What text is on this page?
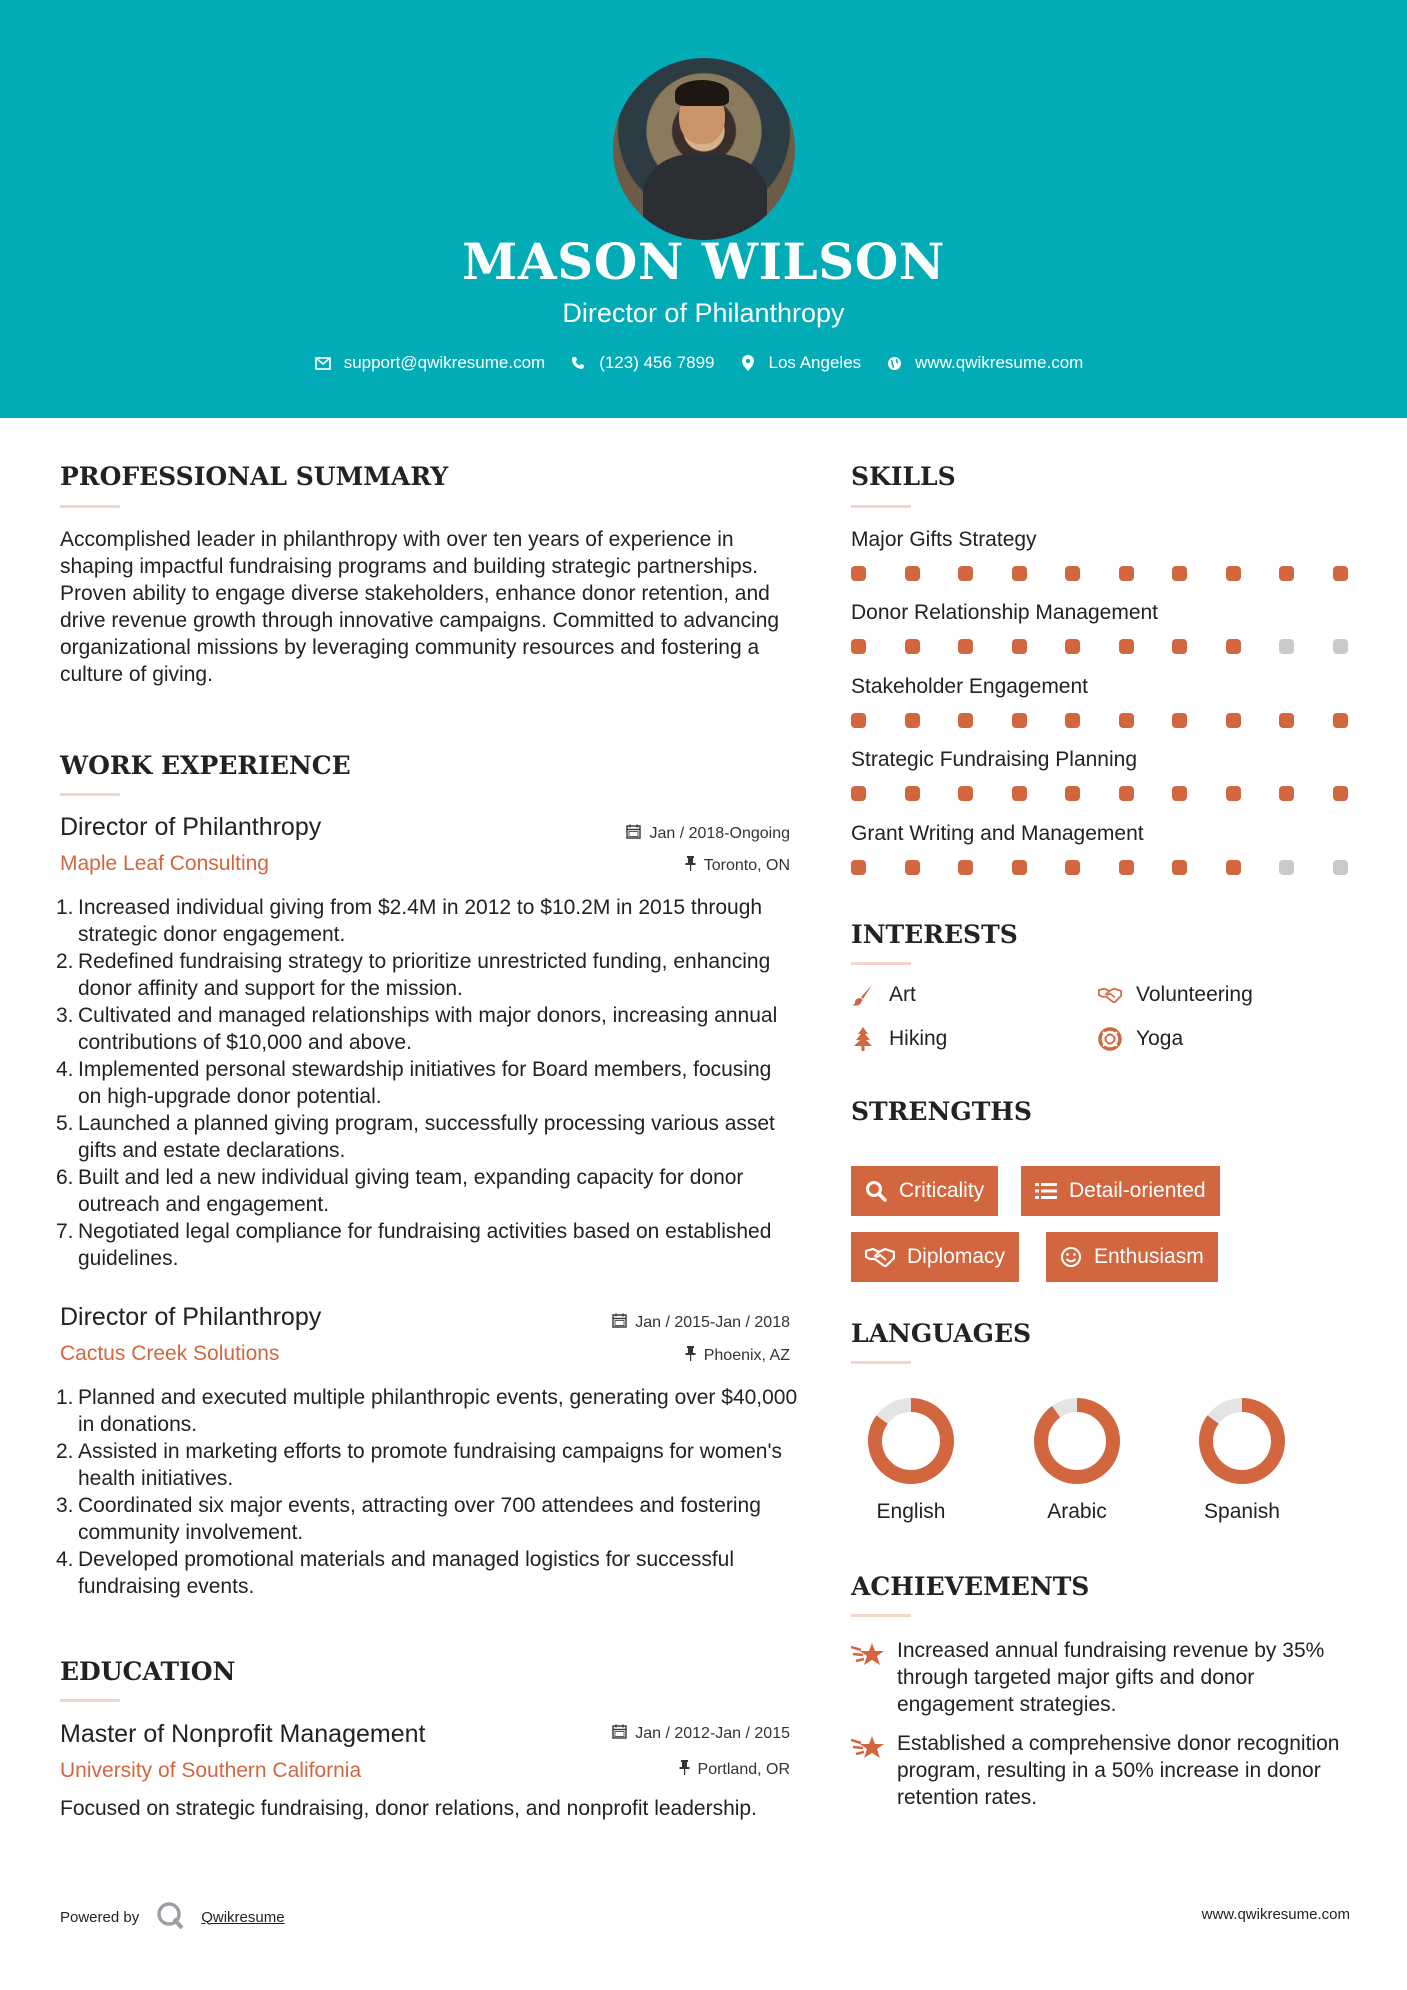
MASON WILSON
Director of Philanthropy
support@qwikresume.com	(123) 456 7899	Los Angeles	www.qwikresume.com
PROFESSIONAL SUMMARY
Accomplished leader in philanthropy with over ten years of experience in shaping impactful fundraising programs and building strategic partnerships. Proven ability to engage diverse stakeholders, enhance donor retention, and drive revenue growth through innovative campaigns. Committed to advancing organizational missions by leveraging community resources and fostering a culture of giving.
WORK EXPERIENCE
Director of Philanthropy	Jan / 2018-Ongoing
Maple Leaf Consulting	Toronto, ON
1. Increased individual giving from $2.4M in 2012 to $10.2M in 2015 through strategic donor engagement.
2. Redefined fundraising strategy to prioritize unrestricted funding, enhancing donor affinity and support for the mission.
3. Cultivated and managed relationships with major donors, increasing annual contributions of $10,000 and above.
4. Implemented personal stewardship initiatives for Board members, focusing on high-upgrade donor potential.
5. Launched a planned giving program, successfully processing various asset gifts and estate declarations.
6. Built and led a new individual giving team, expanding capacity for donor outreach and engagement.
7. Negotiated legal compliance for fundraising activities based on established guidelines.
Director of Philanthropy	Jan / 2015-Jan / 2018
Cactus Creek Solutions	Phoenix, AZ
1. Planned and executed multiple philanthropic events, generating over $40,000 in donations.
2. Assisted in marketing efforts to promote fundraising campaigns for women's health initiatives.
3. Coordinated six major events, attracting over 700 attendees and fostering community involvement.
4. Developed promotional materials and managed logistics for successful fundraising events.
EDUCATION
Master of Nonprofit Management	Jan / 2012-Jan / 2015
University of Southern California	Portland, OR
Focused on strategic fundraising, donor relations, and nonprofit leadership.
SKILLS
Major Gifts Strategy
Donor Relationship Management
Stakeholder Engagement
Strategic Fundraising Planning
Grant Writing and Management
INTERESTS
Art	Volunteering
Hiking	Yoga
STRENGTHS
Criticality	Detail-oriented
Diplomacy	Enthusiasm
LANGUAGES
English	Arabic	Spanish
ACHIEVEMENTS
Increased annual fundraising revenue by 35% through targeted major gifts and donor engagement strategies.
Established a comprehensive donor recognition program, resulting in a 50% increase in donor retention rates.
Powered by	Qwikresume	www.qwikresume.com
